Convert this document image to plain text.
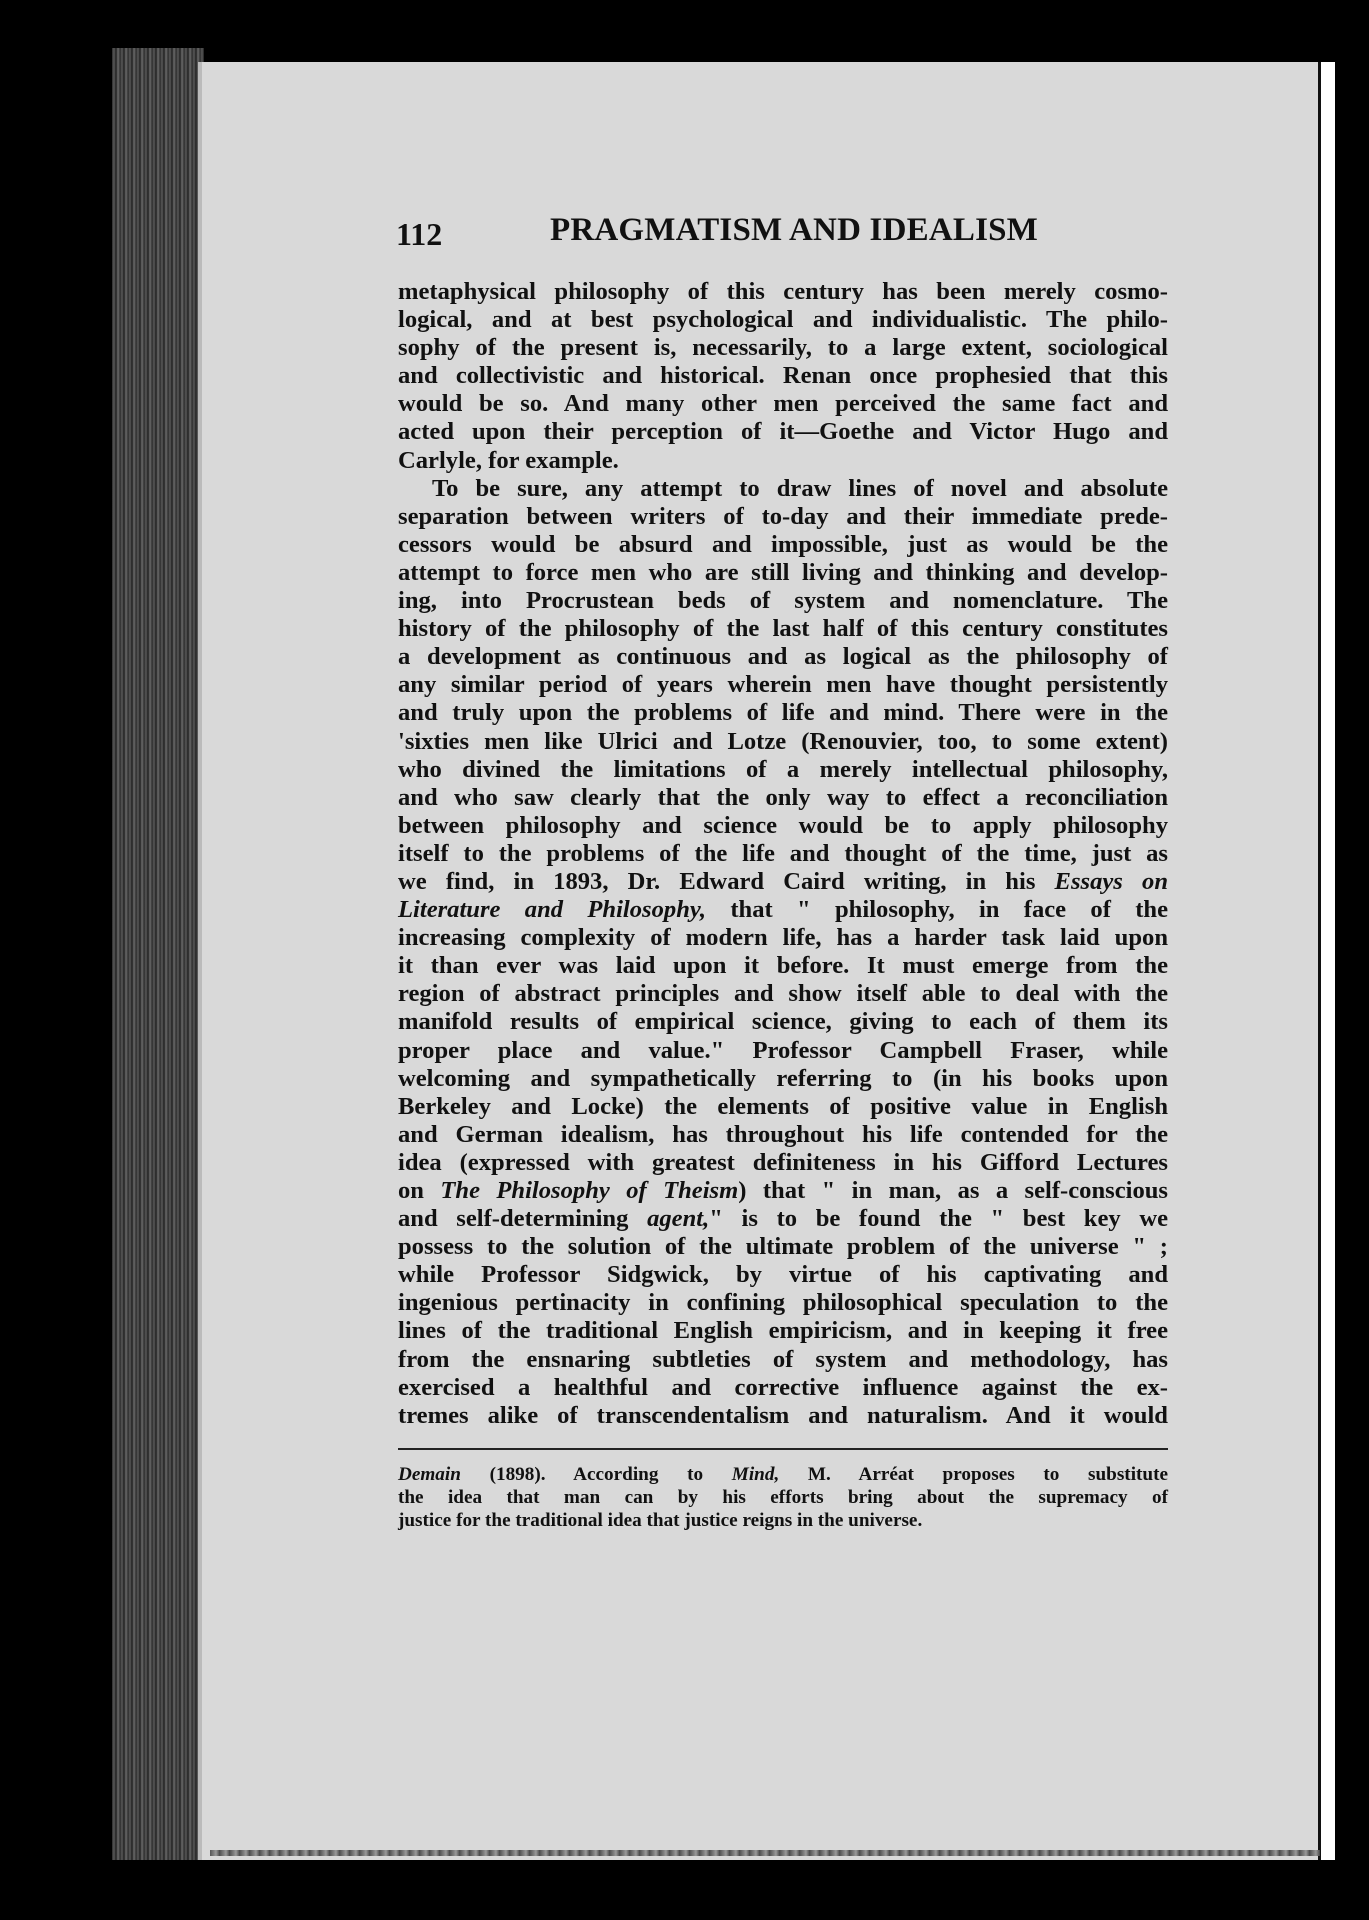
112	PRAGMATISM AND IDEALISM
metaphysical philosophy of this century has been merely cosmo-
logical, and at best psychological and individualistic. The philo-
sophy of the present is, necessarily, to a large extent, sociological
and collectivistic and historical. Renan once prophesied that this
would be so. And many other men perceived the same fact and
acted upon their perception of it—Goethe and Victor Hugo and
Carlyle, for example.
To be sure, any attempt to draw lines of novel and absolute
separation between writers of to-day and their immediate prede-
cessors would be absurd and impossible, just as would be the
attempt to force men who are still living and thinking and develop-
ing, into Procrustean beds of system and nomenclature. The
history of the philosophy of the last half of this century constitutes
a development as continuous and as logical as the philosophy of
any similar period of years wherein men have thought persistently
and truly upon the problems of life and mind. There were in the
'sixties men like Ulrici and Lotze (Renouvier, too, to some extent)
who divined the limitations of a merely intellectual philosophy,
and who saw clearly that the only way to effect a reconciliation
between philosophy and science would be to apply philosophy
itself to the problems of the life and thought of the time, just as
we find, in 1893, Dr. Edward Caird writing, in his Essays on
Literature and Philosophy, that " philosophy, in face of the
increasing complexity of modern life, has a harder task laid upon
it than ever was laid upon it before. It must emerge from the
region of abstract principles and show itself able to deal with the
manifold results of empirical science, giving to each of them its
proper place and value." Professor Campbell Fraser, while
welcoming and sympathetically referring to (in his books upon
Berkeley and Locke) the elements of positive value in English
and German idealism, has throughout his life contended for the
idea (expressed with greatest definiteness in his Gifford Lectures
on The Philosophy of Theism) that " in man, as a self-conscious
and self-determining agent," is to be found the " best key we
possess to the solution of the ultimate problem of the universe " ;
while Professor Sidgwick, by virtue of his captivating and
ingenious pertinacity in confining philosophical speculation to the
lines of the traditional English empiricism, and in keeping it free
from the ensnaring subtleties of system and methodology, has
exercised a healthful and corrective influence against the ex-
tremes alike of transcendentalism and naturalism. And it would
Demain (1898). According to Mind, M. Arréat proposes to substitute
the idea that man can by his efforts bring about the supremacy of
justice for the traditional idea that justice reigns in the universe.
